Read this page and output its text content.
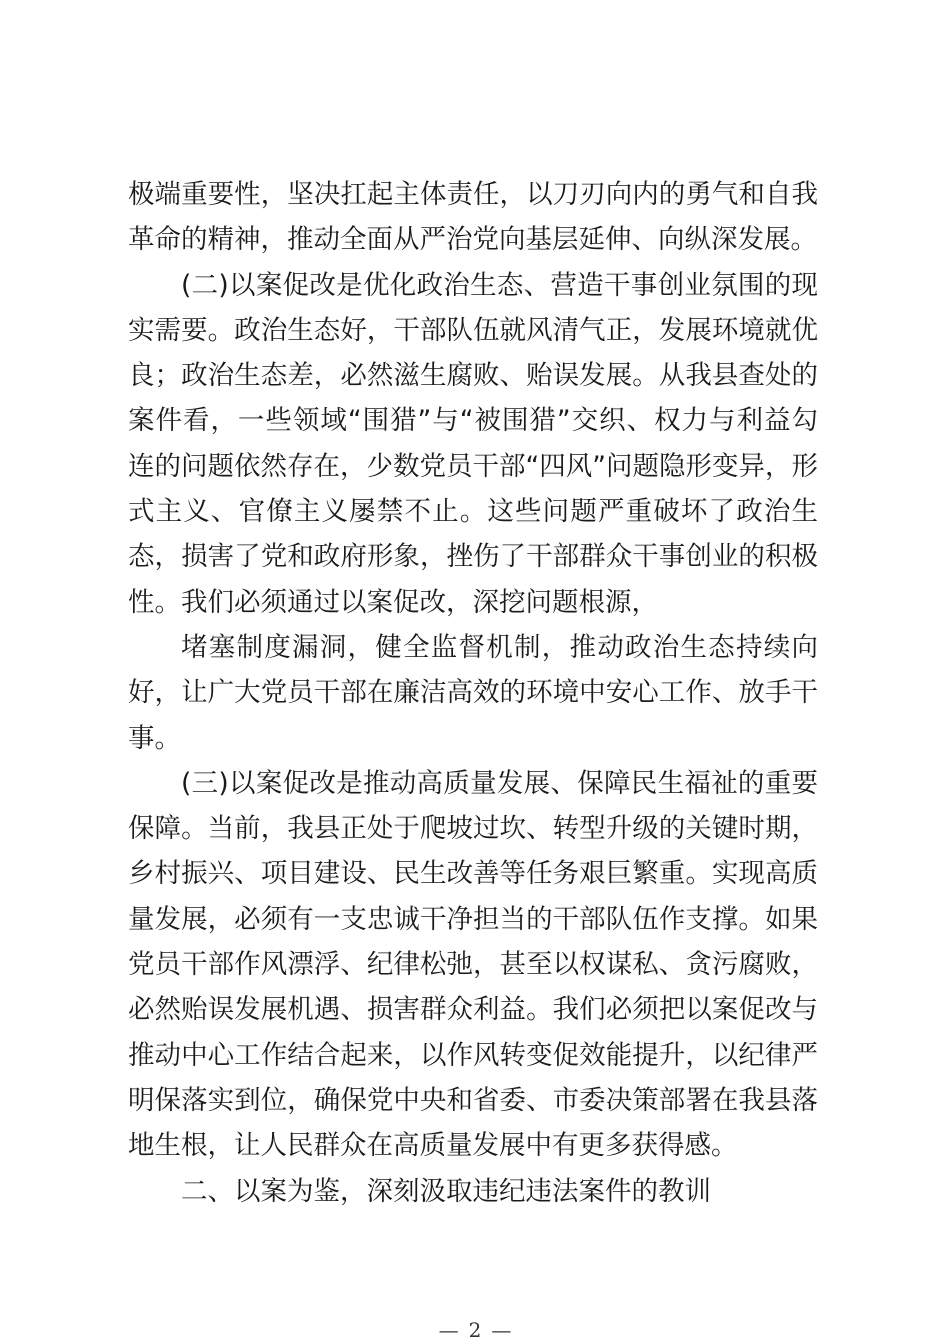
极端重要性，坚决扛起主体责任，以刀刃向内的勇气和自我革命的精神，推动全面从严治党向基层延伸、向纵深发展。

(二)以案促改是优化政治生态、营造干事创业氛围的现实需要。政治生态好，干部队伍就风清气正，发展环境就优良；政治生态差，必然滋生腐败、贻误发展。从我县查处的案件看，一些领域“围猎”与“被围猎”交织、权力与利益勾连的问题依然存在，少数党员干部“四风”问题隐形变异，形式主义、官僚主义屡禁不止。这些问题严重破坏了政治生态，损害了党和政府形象，挫伤了干部群众干事创业的积极性。我们必须通过以案促改，深挖问题根源，

堵塞制度漏洞，健全监督机制，推动政治生态持续向好，让广大党员干部在廉洁高效的环境中安心工作、放手干事。

(三)以案促改是推动高质量发展、保障民生福祉的重要保障。当前，我县正处于爬坡过坎、转型升级的关键时期，乡村振兴、项目建设、民生改善等任务艰巨繁重。实现高质量发展，必须有一支忠诚干净担当的干部队伍作支撑。如果党员干部作风漂浮、纪律松弛，甚至以权谋私、贪污腐败，必然贻误发展机遇、损害群众利益。我们必须把以案促改与推动中心工作结合起来，以作风转变促效能提升，以纪律严明保落实到位，确保党中央和省委、市委决策部署在我县落地生根，让人民群众在高质量发展中有更多获得感。

二、以案为鉴，深刻汲取违纪违法案件的教训

— 2 —
